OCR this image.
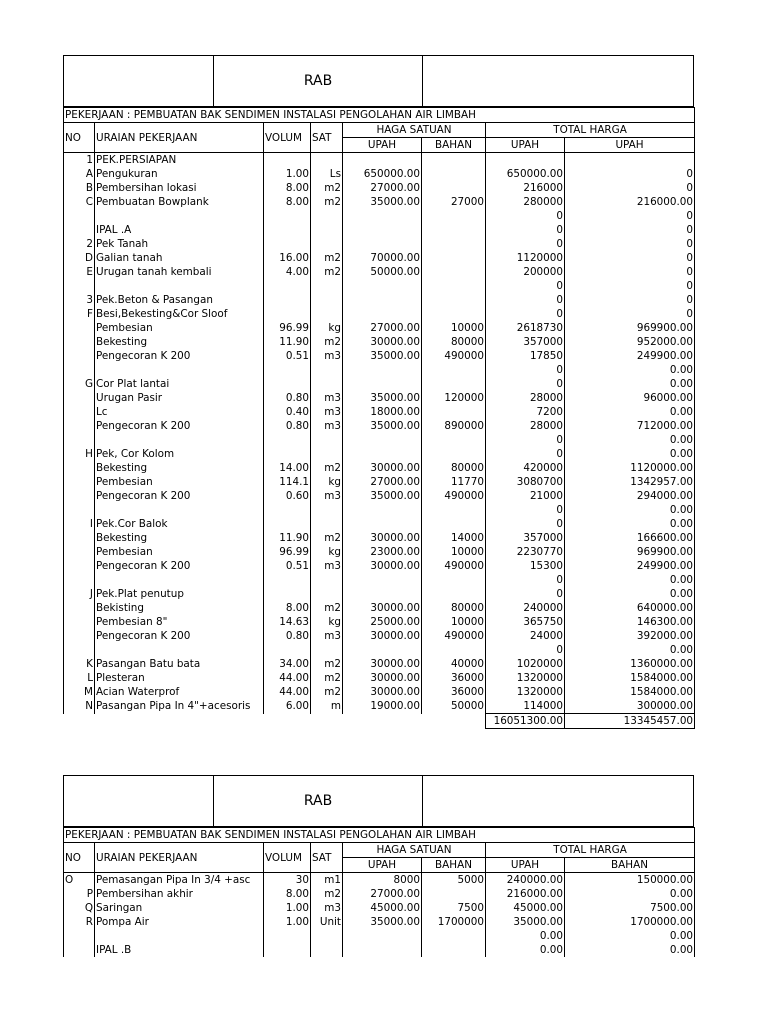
RAB
PEKERJAAN : PEMBUATAN BAK SENDIMEN INSTALASI PENGOLAHAN AIR LIMBAH							
NO	URAIAN PEKERJAAN	VOLUM	SAT	HAGA SATUAN		TOTAL HARGA	
				UPAH	BAHAN	UPAH	UPAH
1	PEK.PERSIAPAN						
A	Pengukuran	1.00	Ls	650000.00		650000.00	0
B	Pembersihan lokasi	8.00	m2	27000.00		216000	0
C	Pembuatan Bowplank	8.00	m2	35000.00	27000	280000	216000.00
						0	0
	IPAL .A					0	0
2	Pek Tanah					0	0
D	Galian tanah	16.00	m2	70000.00		1120000	0
E	Urugan tanah kembali	4.00	m2	50000.00		200000	0
						0	0
3	Pek.Beton & Pasangan					0	0
F	Besi,Bekesting&Cor Sloof					0	0
	Pembesian	96.99	kg	27000.00	10000	2618730	969900.00
	Bekesting	11.90	m2	30000.00	80000	357000	952000.00
	Pengecoran K 200	0.51	m3	35000.00	490000	17850	249900.00
						0	0.00
G	Cor Plat lantai					0	0.00
	Urugan Pasir	0.80	m3	35000.00	120000	28000	96000.00
	Lc	0.40	m3	18000.00		7200	0.00
	Pengecoran K 200	0.80	m3	35000.00	890000	28000	712000.00
						0	0.00
H	Pek, Cor Kolom					0	0.00
	Bekesting	14.00	m2	30000.00	80000	420000	1120000.00
	Pembesian	114.1	kg	27000.00	11770	3080700	1342957.00
	Pengecoran K 200	0.60	m3	35000.00	490000	21000	294000.00
						0	0.00
I	Pek.Cor Balok					0	0.00
	Bekesting	11.90	m2	30000.00	14000	357000	166600.00
	Pembesian	96.99	kg	23000.00	10000	2230770	969900.00
	Pengecoran K 200	0.51	m3	30000.00	490000	15300	249900.00
						0	0.00
J	Pek.Plat penutup					0	0.00
	Bekisting	8.00	m2	30000.00	80000	240000	640000.00
	Pembesian 8"	14.63	kg	25000.00	10000	365750	146300.00
	Pengecoran K 200	0.80	m3	30000.00	490000	24000	392000.00
						0	0.00
K	Pasangan Batu bata	34.00	m2	30000.00	40000	1020000	1360000.00
L	Plesteran	44.00	m2	30000.00	36000	1320000	1584000.00
M	Acian Waterprof	44.00	m2	30000.00	36000	1320000	1584000.00
N	Pasangan Pipa In 4"+acesoris	6.00	m	19000.00	50000	114000	300000.00
						16051300.00	13345457.00
RAB
PEKERJAAN : PEMBUATAN BAK SENDIMEN INSTALASI PENGOLAHAN AIR LIMBAH							
NO	URAIAN PEKERJAAN	VOLUM	SAT	HAGA SATUAN		TOTAL HARGA	
				UPAH	BAHAN	UPAH	BAHAN
O	Pemasangan Pipa In 3/4 +asc	30	m1	8000	5000	240000.00	150000.00
P	Pembersihan akhir	8.00	m2	27000.00		216000.00	0.00
Q	Saringan	1.00	m3	45000.00	7500	45000.00	7500.00
R	Pompa Air	1.00	Unit	35000.00	1700000	35000.00	1700000.00
						0.00	0.00
	IPAL .B					0.00	0.00
